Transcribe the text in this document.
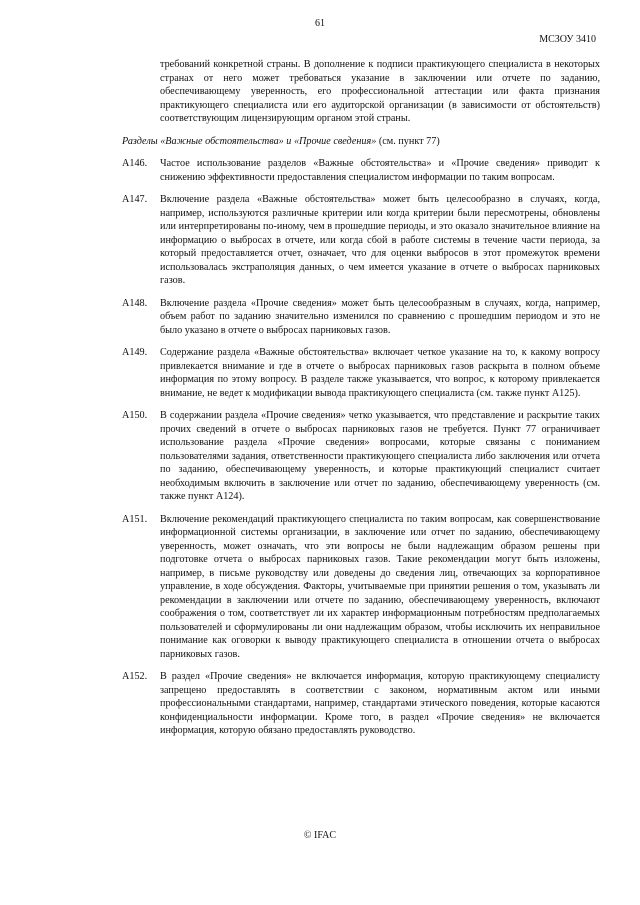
61
МСЗОУ 3410

требований конкретной страны. В дополнение к подписи практикующего специалиста в некоторых странах от него может требоваться указание в заключении или отчете по заданию, обеспечивающему уверенность, его профессиональной аттестации или факта признания практикующего специалиста или его аудиторской организации (в зависимости от обстоятельств) соответствующим лицензирующим органом этой страны.

Разделы «Важные обстоятельства» и «Прочие сведения» (см. пункт 77)

A146.	Частое использование разделов «Важные обстоятельства» и «Прочие сведения» приводит к снижению эффективности предоставления специалистом информации по таким вопросам.

A147.	Включение раздела «Важные обстоятельства» может быть целесообразно в случаях, когда, например, используются различные критерии или когда критерии были пересмотрены, обновлены или интерпретированы по-иному, чем в прошедшие периоды, и это оказало значительное влияние на информацию о выбросах в отчете, или когда сбой в работе системы в течение части периода, за который предоставляется отчет, означает, что для оценки выбросов в этот промежуток времени использовалась экстраполяция данных, о чем имеется указание в отчете о выбросах парниковых газов.

A148.	Включение раздела «Прочие сведения» может быть целесообразным в случаях, когда, например, объем работ по заданию значительно изменился по сравнению с прошедшим периодом и это не было указано в отчете о выбросах парниковых газов.

A149.	Содержание раздела «Важные обстоятельства» включает четкое указание на то, к какому вопросу привлекается внимание и где в отчете о выбросах парниковых газов раскрыта в полном объеме информация по этому вопросу. В разделе также указывается, что вопрос, к которому привлекается внимание, не ведет к модификации вывода практикующего специалиста (см. также пункт A125).

A150.	В содержании раздела «Прочие сведения» четко указывается, что представление и раскрытие таких прочих сведений в отчете о выбросах парниковых газов не требуется. Пункт 77 ограничивает использование раздела «Прочие сведения» вопросами, которые связаны с пониманием пользователями задания, ответственности практикующего специалиста либо заключения или отчета по заданию, обеспечивающему уверенность, и которые практикующий специалист считает необходимым включить в заключение или отчет по заданию, обеспечивающему уверенность (см. также пункт A124).

A151.	Включение рекомендаций практикующего специалиста по таким вопросам, как совершенствование информационной системы организации, в заключение или отчет по заданию, обеспечивающему уверенность, может означать, что эти вопросы не были надлежащим образом решены при подготовке отчета о выбросах парниковых газов. Такие рекомендации могут быть изложены, например, в письме руководству или доведены до сведения лиц, отвечающих за корпоративное управление, в ходе обсуждения. Факторы, учитываемые при принятии решения о том, указывать ли рекомендации в заключении или отчете по заданию, обеспечивающему уверенность, включают соображения о том, соответствует ли их характер информационным потребностям предполагаемых пользователей и сформулированы ли они надлежащим образом, чтобы исключить их неправильное понимание как оговорки к выводу практикующего специалиста в отношении отчета о выбросах парниковых газов.

A152.	В раздел «Прочие сведения» не включается информация, которую практикующему специалисту запрещено предоставлять в соответствии с законом, нормативным актом или иными профессиональными стандартами, например, стандартами этического поведения, которые касаются конфиденциальности информации. Кроме того, в раздел «Прочие сведения» не включается информация, которую обязано предоставлять руководство.

© IFAC
